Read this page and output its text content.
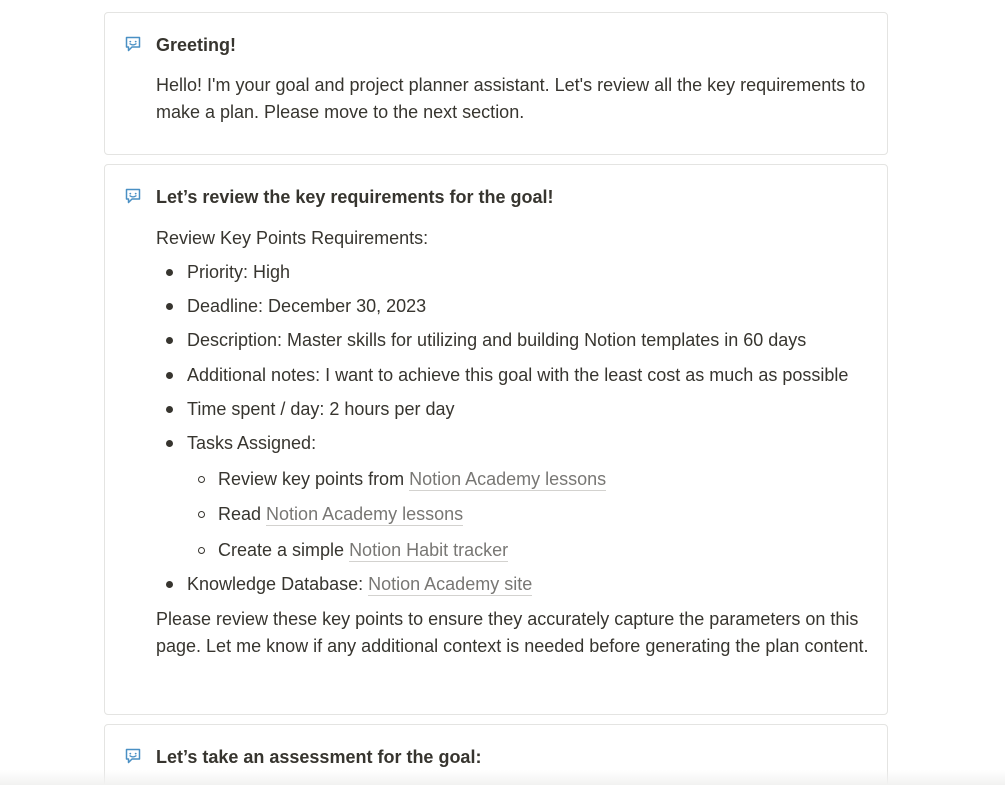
Greeting!
Hello! I'm your goal and project planner assistant. Let's review all the key requirements to make a plan. Please move to the next section.
Let’s review the key requirements for the goal!
Review Key Points Requirements:
Priority: High
Deadline: December 30, 2023
Description: Master skills for utilizing and building Notion templates in 60 days
Additional notes: I want to achieve this goal with the least cost as much as possible
Time spent / day: 2 hours per day
Tasks Assigned:
Review key points from Notion Academy lessons
Read Notion Academy lessons
Create a simple Notion Habit tracker
Knowledge Database: Notion Academy site
Please review these key points to ensure they accurately capture the parameters on this page. Let me know if any additional context is needed before generating the plan content.
Let’s take an assessment for the goal:
